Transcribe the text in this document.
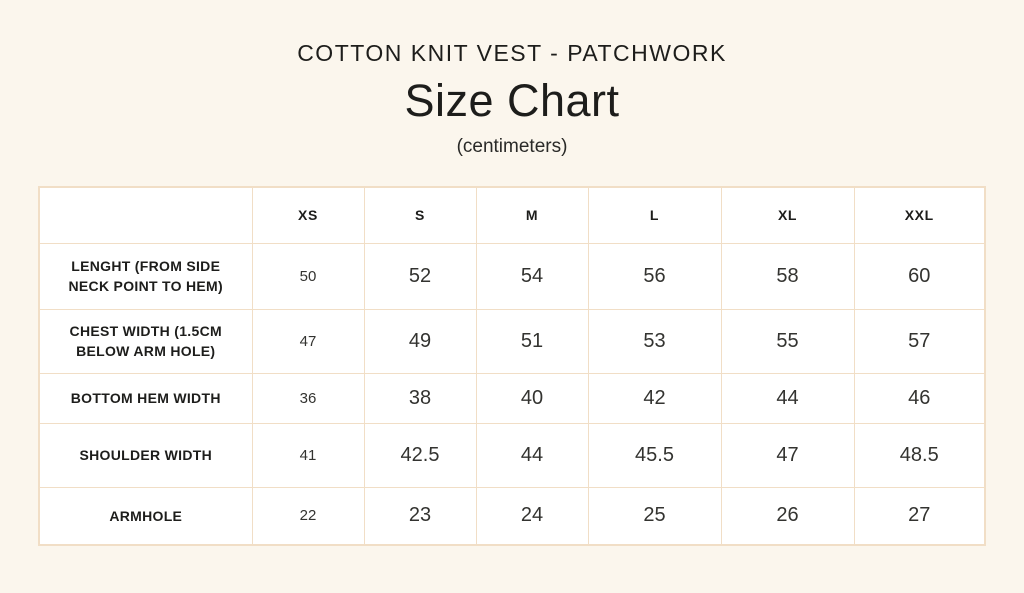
COTTON KNIT VEST - PATCHWORK
Size Chart
(centimeters)
	XS	S	M	L	XL	XXL
LENGHT (FROM SIDE NECK POINT TO HEM)	50	52	54	56	58	60
CHEST WIDTH (1.5CM BELOW ARM HOLE)	47	49	51	53	55	57
BOTTOM HEM WIDTH	36	38	40	42	44	46
SHOULDER WIDTH	41	42.5	44	45.5	47	48.5
ARMHOLE	22	23	24	25	26	27
